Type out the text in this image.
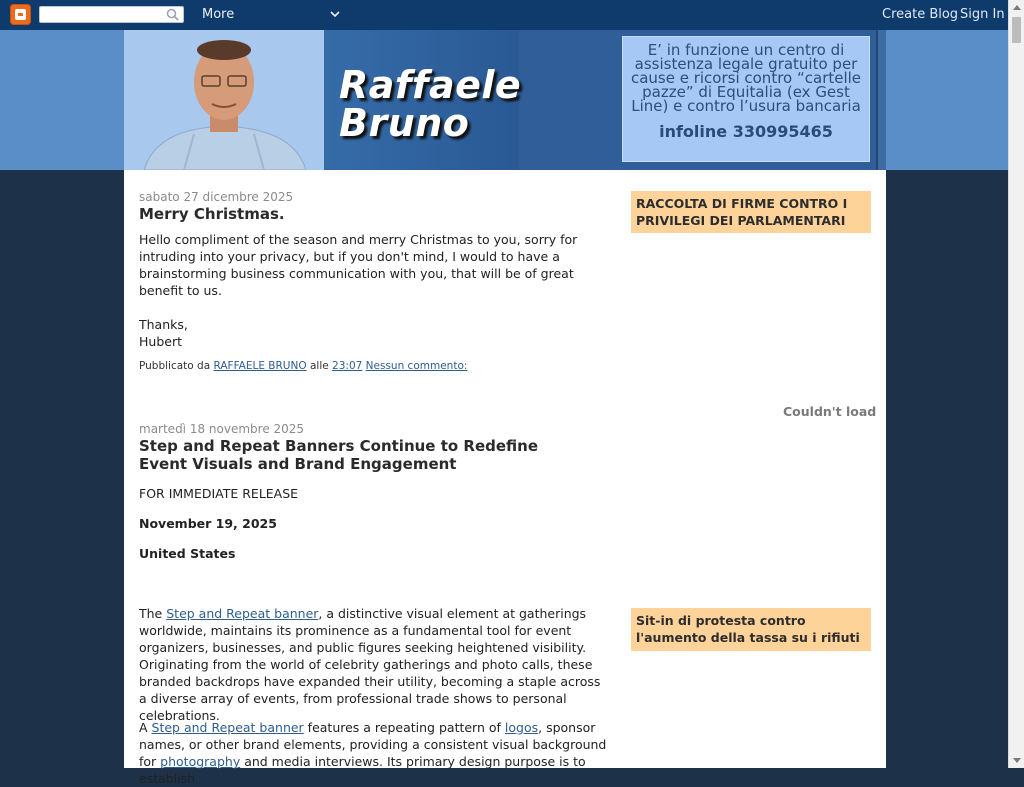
More	Create Blog Sign In
Raffaele
Bruno
E’ in funzione un centro di assistenza legale gratuito per cause e ricorsi contro “cartelle pazze” di Equitalia (ex Gest Line) e contro l’usura bancaria
infoline 330995465
sabato 27 dicembre 2025
Merry Christmas.
Hello compliment of the season and merry Christmas to you, sorry for intruding into your privacy, but if you don't mind, I would to have a brainstorming business communication with you, that will be of great benefit to us.
Thanks,
Hubert
Pubblicato da RAFFAELE BRUNO alle 23:07 Nessun commento:
martedì 18 novembre 2025
Step and Repeat Banners Continue to Redefine Event Visuals and Brand Engagement
FOR IMMEDIATE RELEASE
November 19, 2025
United States
The Step and Repeat banner, a distinctive visual element at gatherings worldwide, maintains its prominence as a fundamental tool for event organizers, businesses, and public figures seeking heightened visibility. Originating from the world of celebrity gatherings and photo calls, these branded backdrops have expanded their utility, becoming a staple across a diverse array of events, from professional trade shows to personal celebrations.
A Step and Repeat banner features a repeating pattern of logos, sponsor names, or other brand elements, providing a consistent visual background for photography and media interviews. Its primary design purpose is to establish
RACCOLTA DI FIRME CONTRO I PRIVILEGI DEI PARLAMENTARI
Couldn't load
Sit-in di protesta contro l'aumento della tassa su i rifiuti
